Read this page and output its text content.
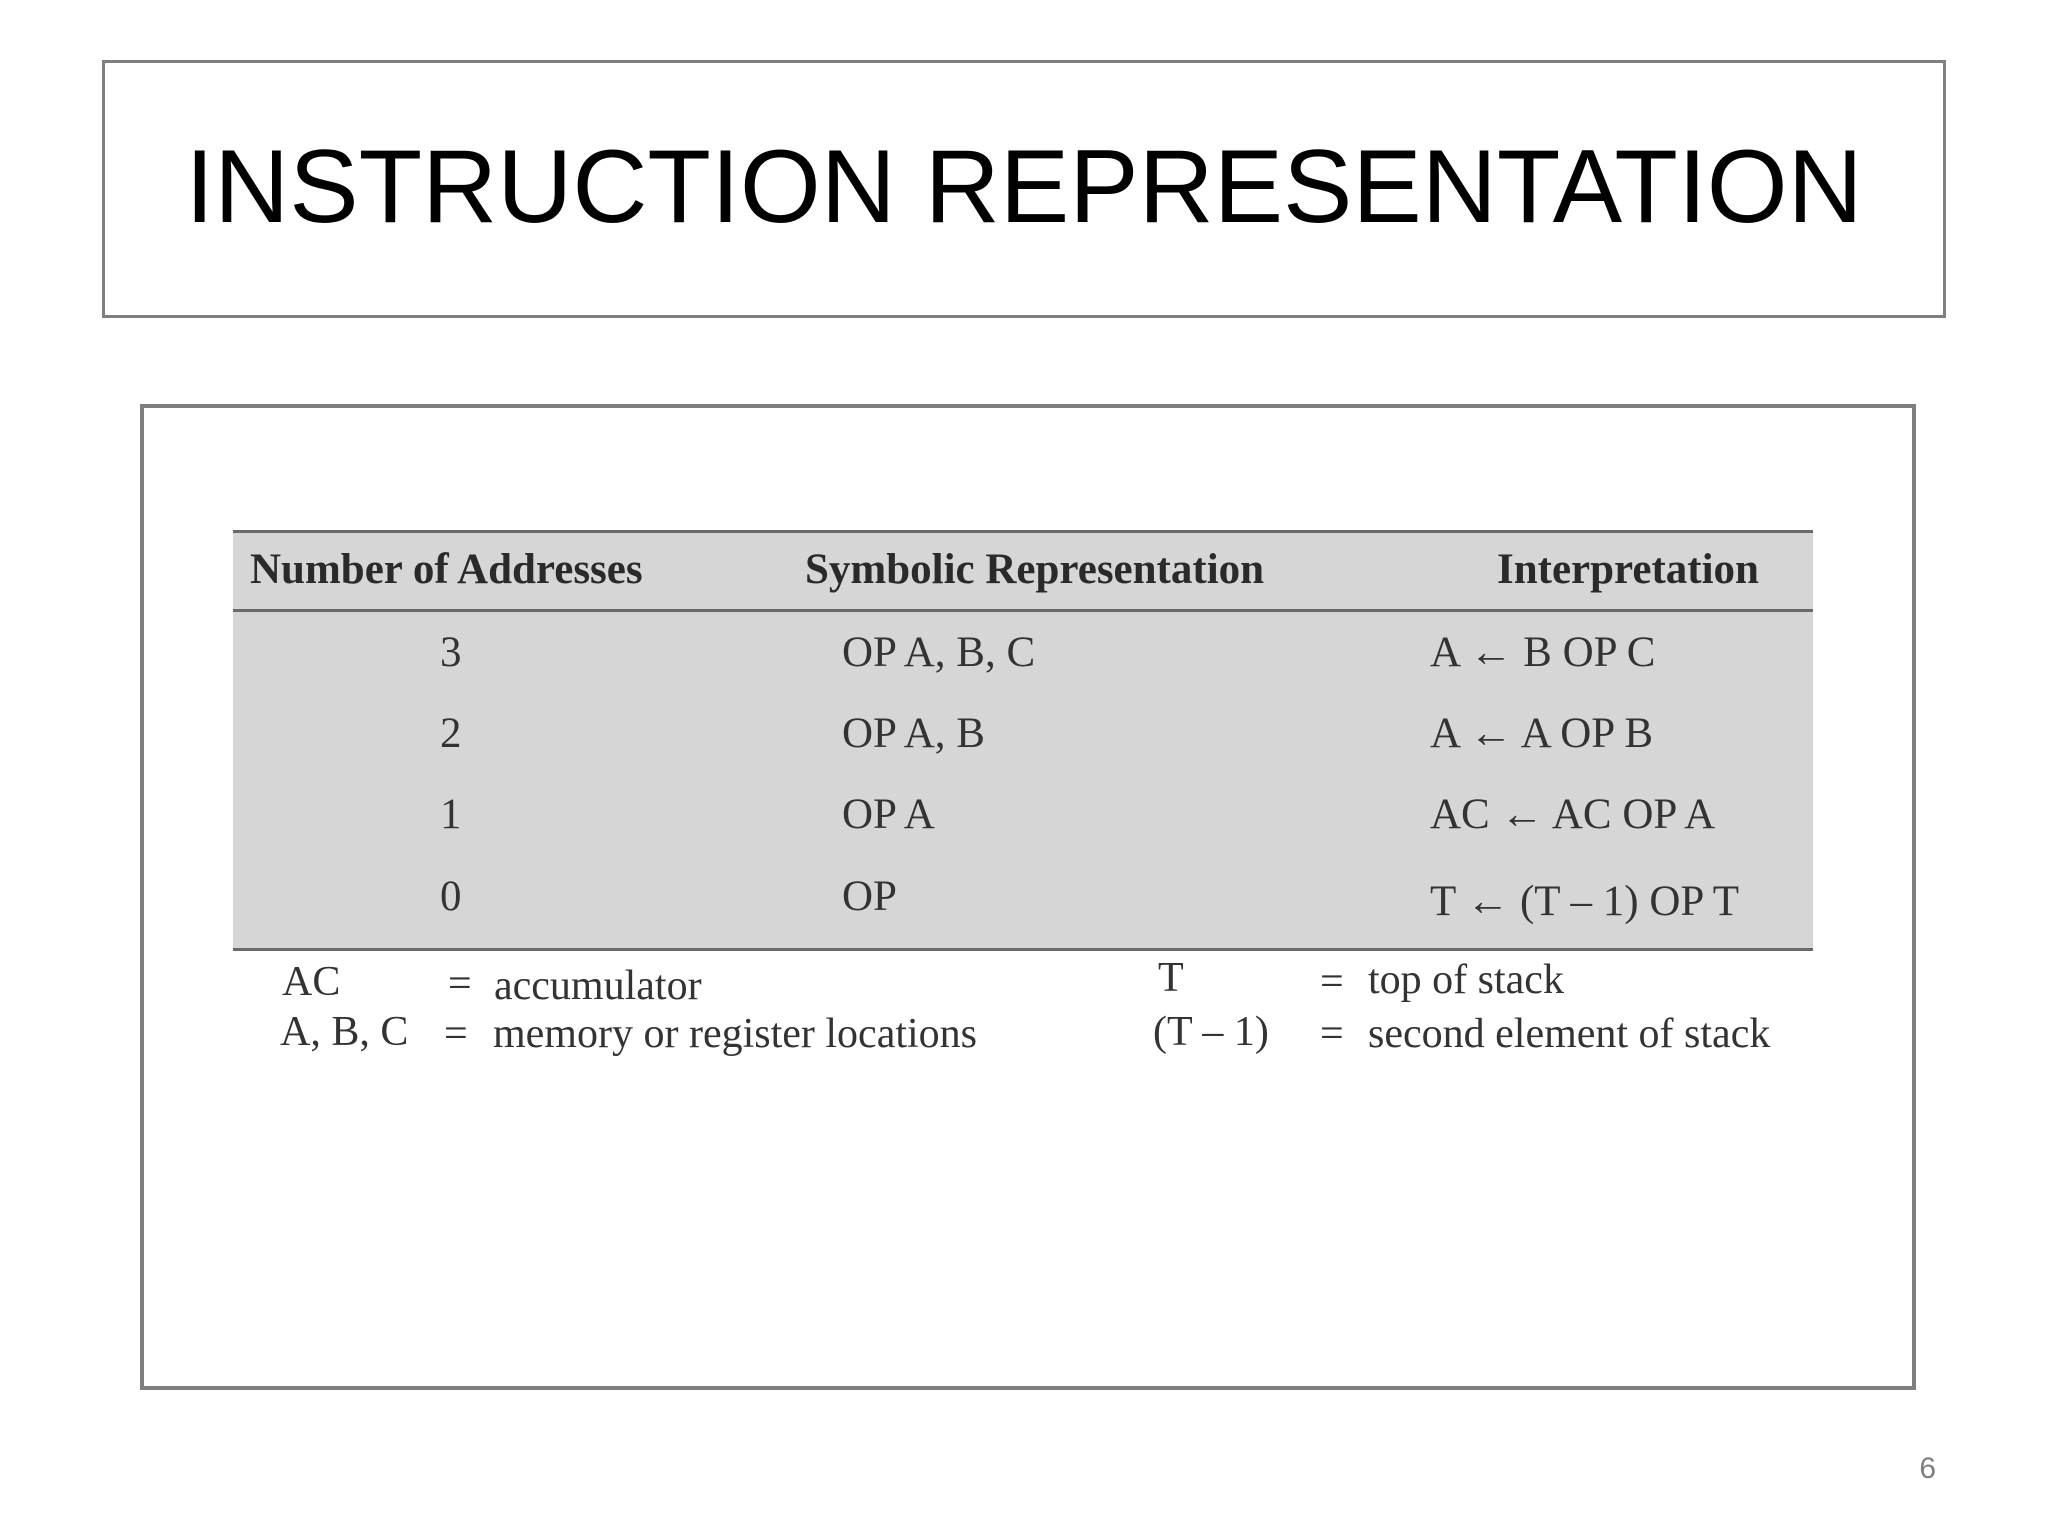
INSTRUCTION REPRESENTATION
Number of Addresses	Symbolic Representation	Interpretation
3	OP A, B, C	A ← B OP C
2	OP A, B	A ← A OP B
1	OP A	AC ← AC OP A
0	OP	T ← (T – 1) OP T
AC	= accumulator
A, B, C = memory or register locations
T	= top of stack
(T – 1) = second element of stack
6
